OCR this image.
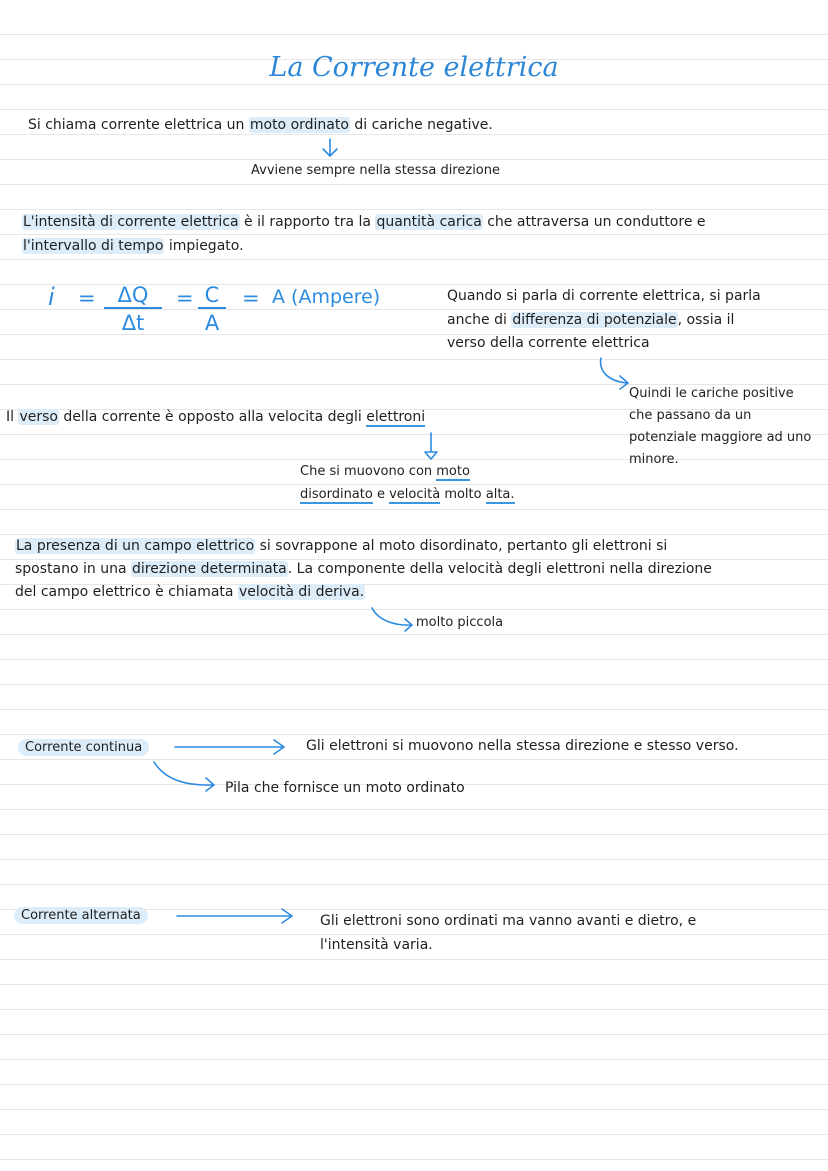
La Corrente elettrica
Si chiama corrente elettrica un moto ordinato di cariche negative.
Avviene sempre nella stessa direzione
L'intensità di corrente elettrica è il rapporto tra la quantità carica che attraversa un conduttore e
l'intervallo di tempo impiegato.
i =	ΔQ
Δt
= C
A
= A (Ampere)	Quando si parla di corrente elettrica, si parla
anche di differenza di potenziale, ossia il
verso della corrente elettrica
Quindi le cariche positive
che passano da un
potenziale maggiore ad uno
minore.
Il verso della corrente è opposto alla velocita degli elettroni
Che si muovono con moto
disordinato e velocità molto alta.
La presenza di un campo elettrico si sovrappone al moto disordinato, pertanto gli elettroni si
spostano in una direzione determinata. La componente della velocità degli elettroni nella direzione
del campo elettrico è chiamata velocità di deriva.
molto piccola
Corrente continua	Gli elettroni si muovono nella stessa direzione e stesso verso.
Pila che fornisce un moto ordinato
Corrente alternata	Gli elettroni sono ordinati ma vanno avanti e dietro, e
l'intensità varia.
